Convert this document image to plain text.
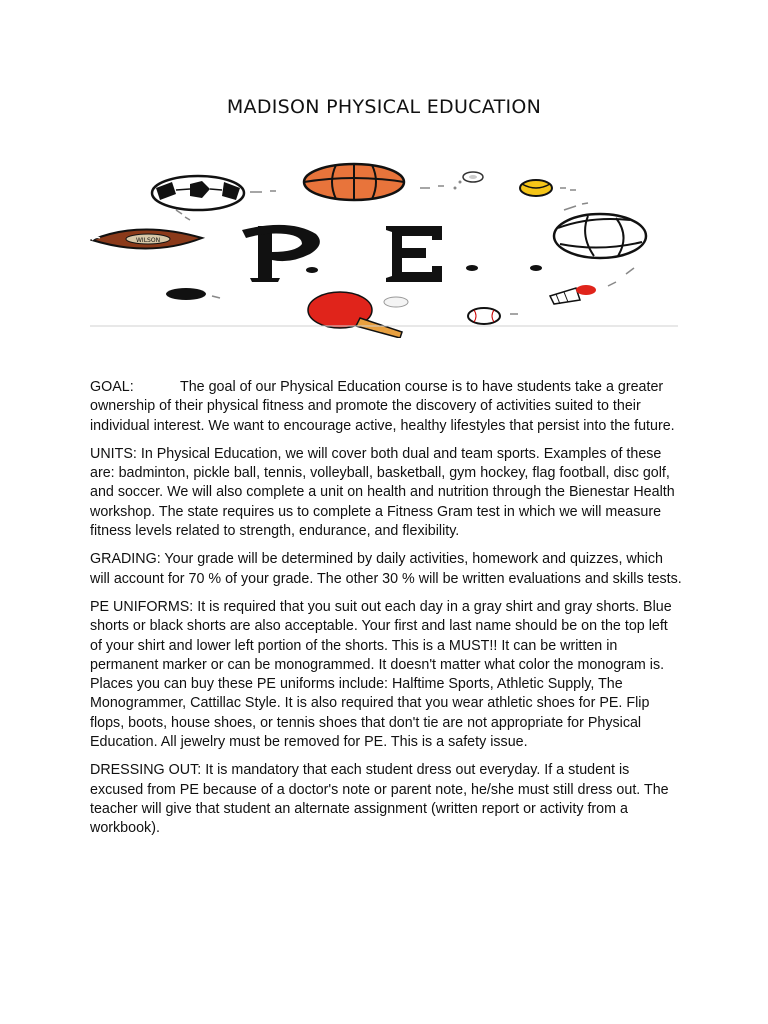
MADISON PHYSICAL EDUCATION
WILSON

GOAL:	The goal of our Physical Education course is to have students take a greater ownership of their physical fitness and promote the discovery of activities suited to their individual interest. We want to encourage active, healthy lifestyles that persist into the future.

UNITS: In Physical Education, we will cover both dual and team sports. Examples of these are: badminton, pickle ball, tennis, volleyball, basketball, gym hockey, flag football, disc golf, and soccer. We will also complete a unit on health and nutrition through the Bienestar Health workshop. The state requires us to complete a Fitness Gram test in which we will measure fitness levels related to strength, endurance, and flexibility.

GRADING: Your grade will be determined by daily activities, homework and quizzes, which will account for 70 % of your grade. The other 30 % will be written evaluations and skills tests.

PE UNIFORMS: It is required that you suit out each day in a gray shirt and gray shorts. Blue shorts or black shorts are also acceptable. Your first and last name should be on the top left of your shirt and lower left portion of the shorts. This is a MUST!! It can be written in permanent marker or can be monogrammed. It doesn't matter what color the monogram is. Places you can buy these PE uniforms include: Halftime Sports, Athletic Supply, The Monogrammer, Cattillac Style. It is also required that you wear athletic shoes for PE. Flip flops, boots, house shoes, or tennis shoes that don't tie are not appropriate for Physical Education. All jewelry must be removed for PE. This is a safety issue.

DRESSING OUT: It is mandatory that each student dress out everyday. If a student is excused from PE because of a doctor's note or parent note, he/she must still dress out. The teacher will give that student an alternate assignment (written report or activity from a workbook).
